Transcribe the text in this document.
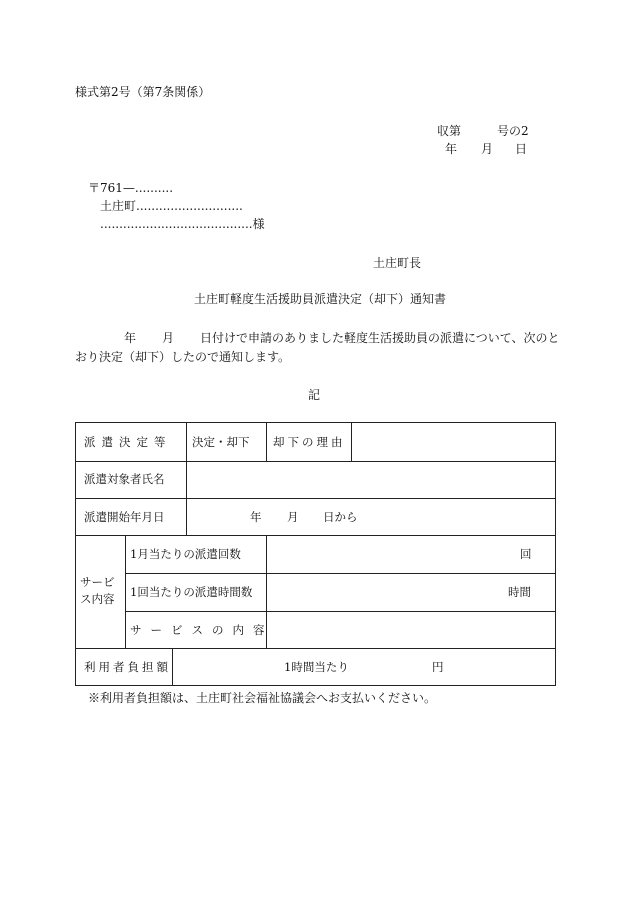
様式第2号（第7条関係）
収第	号の2
年 月 日
〒761—..........
土庄町............................
........................................様
土庄町長
土庄町軽度生活援助員派遣決定（却下）通知書
年 月 日付けで申請のありました軽度生活援助員の派遣について、次のと
おり決定（却下）したので通知します。
記
派遣決定等 決定・却下 却下の理由
派遣対象者氏名
派遣開始年月日	年 月 日から
サービ
ス内容
1月当たりの派遣回数	回
1回当たりの派遣時間数	時間
サービスの内容
利用者負担額	1時間当たり	円
※利用者負担額は、土庄町社会福祉協議会へお支払いください。
